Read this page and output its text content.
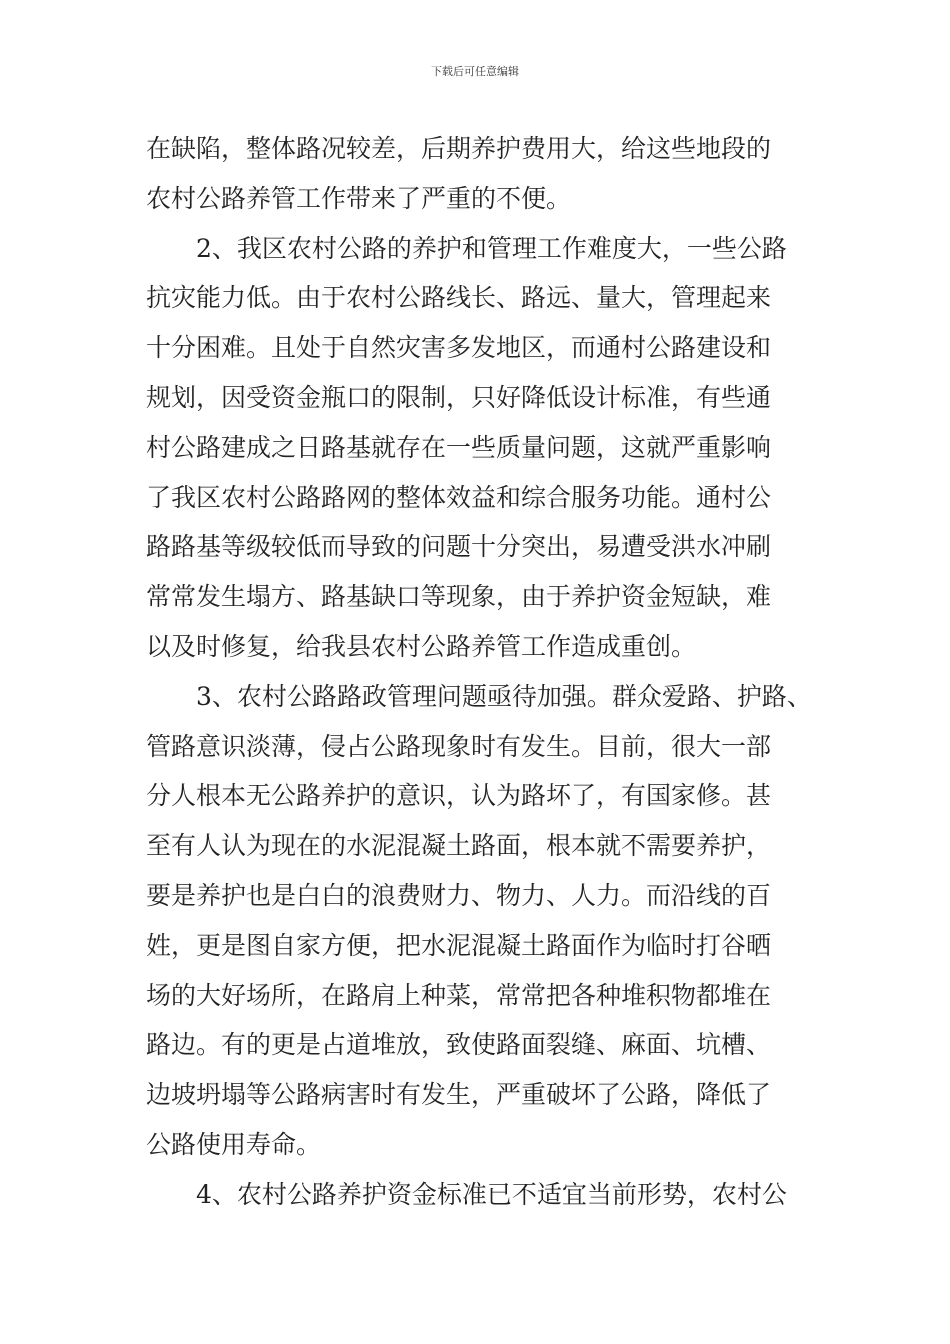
下载后可任意编辑
在缺陷，整体路况较差，后期养护费用大，给这些地段的
农村公路养管工作带来了严重的不便。
　　2、我区农村公路的养护和管理工作难度大，一些公路
抗灾能力低。由于农村公路线长、路远、量大，管理起来
十分困难。且处于自然灾害多发地区，而通村公路建设和
规划，因受资金瓶口的限制，只好降低设计标准，有些通
村公路建成之日路基就存在一些质量问题，这就严重影响
了我区农村公路路网的整体效益和综合服务功能。通村公
路路基等级较低而导致的问题十分突出，易遭受洪水冲刷
常常发生塌方、路基缺口等现象，由于养护资金短缺，难
以及时修复，给我县农村公路养管工作造成重创。
　　3、农村公路路政管理问题亟待加强。群众爱路、护路、
管路意识淡薄，侵占公路现象时有发生。目前，很大一部
分人根本无公路养护的意识，认为路坏了，有国家修。甚
至有人认为现在的水泥混凝土路面，根本就不需要养护，
要是养护也是白白的浪费财力、物力、人力。而沿线的百
姓，更是图自家方便，把水泥混凝土路面作为临时打谷晒
场的大好场所，在路肩上种菜，常常把各种堆积物都堆在
路边。有的更是占道堆放，致使路面裂缝、麻面、坑槽、
边坡坍塌等公路病害时有发生，严重破坏了公路，降低了
公路使用寿命。
　　4、农村公路养护资金标准已不适宜当前形势，农村公
